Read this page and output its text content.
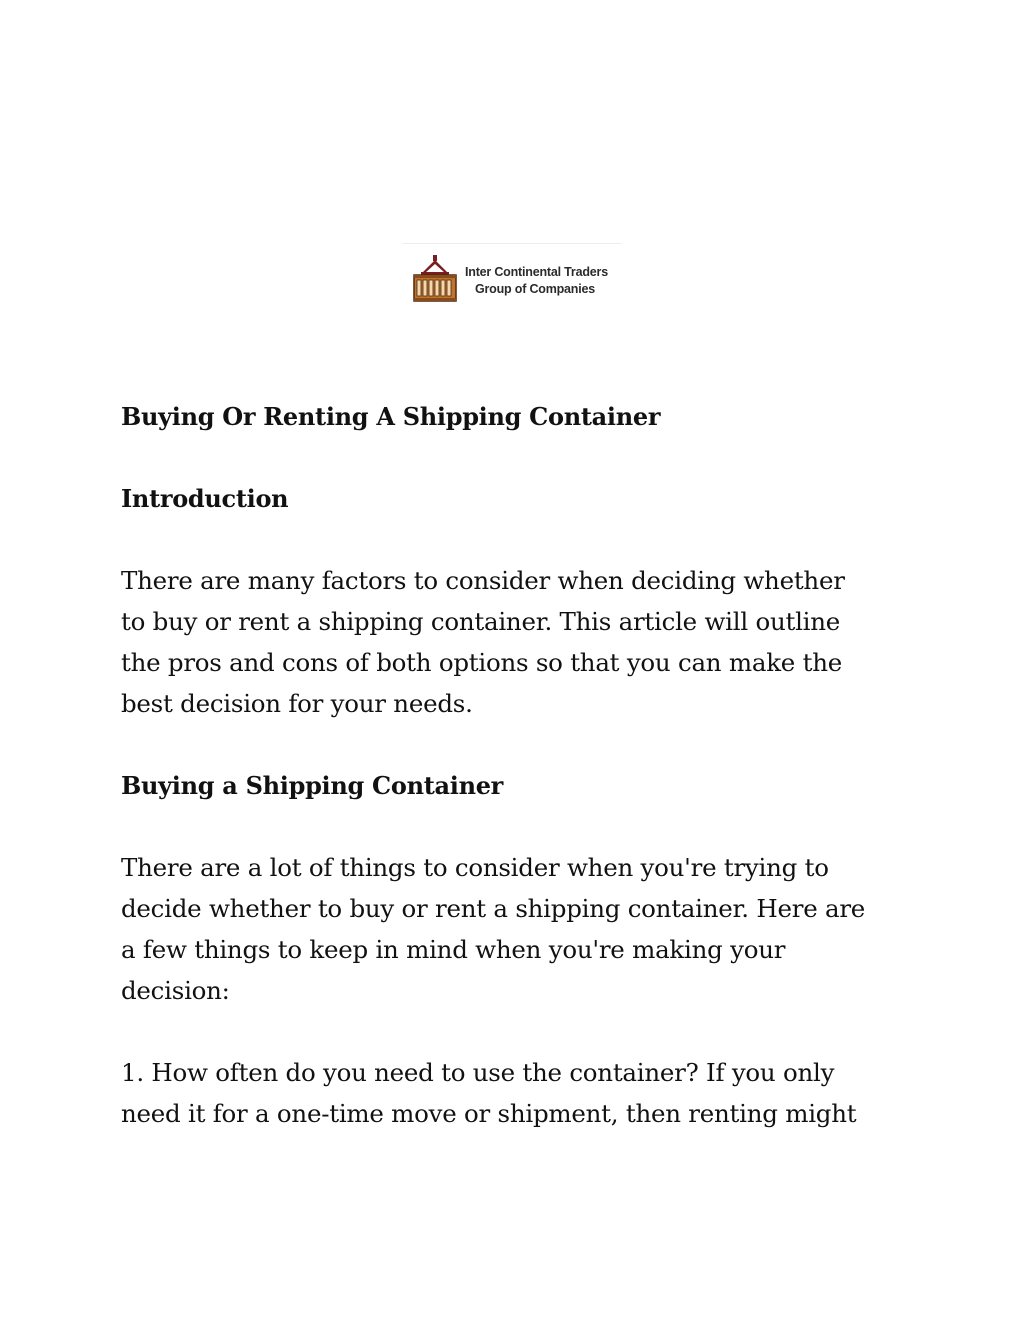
Inter Continental Traders
Group of Companies
Buying Or Renting A Shipping Container
Introduction

There are many factors to consider when deciding whether
to buy or rent a shipping container. This article will outline
the pros and cons of both options so that you can make the
best decision for your needs.

Buying a Shipping Container

There are a lot of things to consider when you're trying to
decide whether to buy or rent a shipping container. Here are
a few things to keep in mind when you're making your
decision:

1. How often do you need to use the container? If you only
need it for a one-time move or shipment, then renting might
